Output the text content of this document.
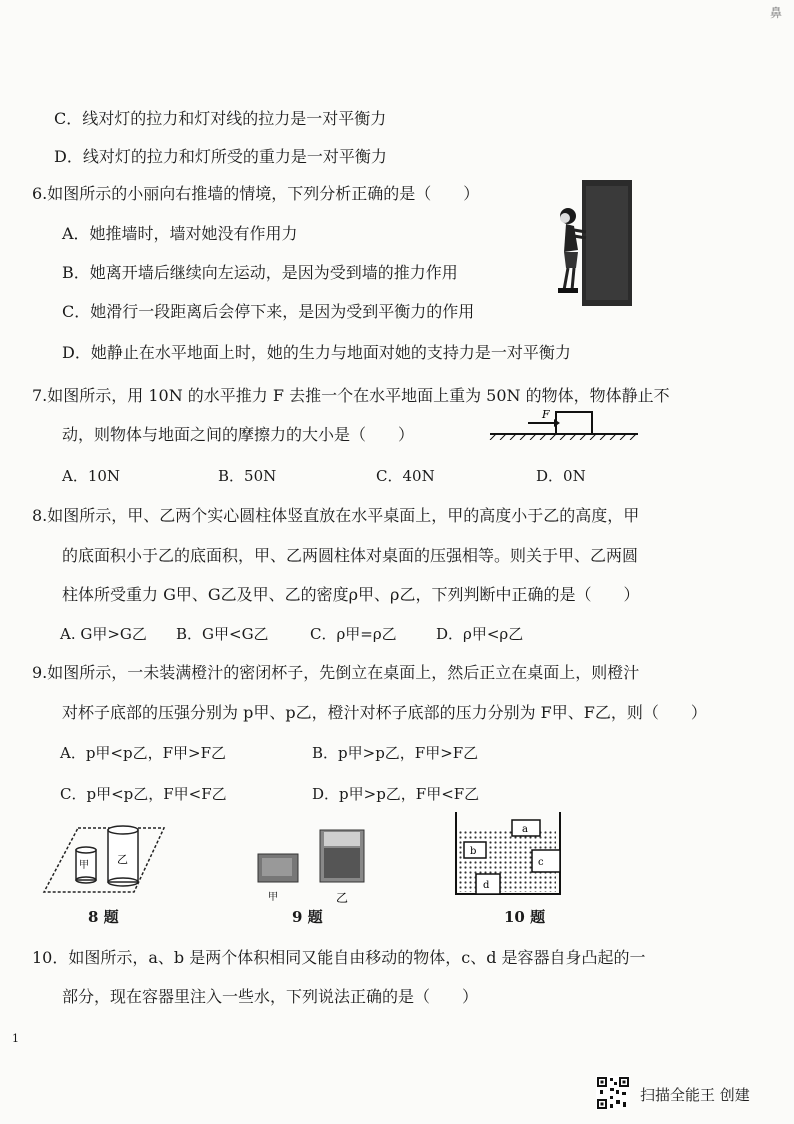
鼻
C．线对灯的拉力和灯对线的拉力是一对平衡力
D．线对灯的拉力和灯所受的重力是一对平衡力
6.如图所示的小丽向右推墙的情境，下列分析正确的是（　　）
A．她推墙时，墙对她没有作用力
B．她离开墙后继续向左运动，是因为受到墙的推力作用
C．她滑行一段距离后会停下来，是因为受到平衡力的作用
D．她静止在水平地面上时，她的生力与地面对她的支持力是一对平衡力
7.如图所示，用 10N 的水平推力 F 去推一个在水平地面上重为 50N 的物体，物体静止不
动，则物体与地面之间的摩擦力的大小是（　　）
F
A．10N	B．50N	C．40N	D．0N
8.如图所示，甲、乙两个实心圆柱体竖直放在水平桌面上，甲的高度小于乙的高度，甲
的底面积小于乙的底面积，甲、乙两圆柱体对桌面的压强相等。则关于甲、乙两圆
柱体所受重力 G甲、G乙及甲、乙的密度ρ甲、ρ乙，下列判断中正确的是（　　）
A. G甲>G乙 B．G甲<G乙	C．ρ甲=ρ乙	D．ρ甲<ρ乙
9.如图所示，一未装满橙汁的密闭杯子，先倒立在桌面上，然后正立在桌面上，则橙汁
对杯子底部的压强分别为 p甲、p乙，橙汁对杯子底部的压力分别为 F甲、F乙，则（　　）
A．p甲<p乙，F甲>F乙	B．p甲>p乙，F甲>F乙
C．p甲<p乙，F甲<F乙	D．p甲>p乙，F甲<F乙
甲	乙
8 题
甲	乙
9 题
a
b
c
d
10 题
10．如图所示，a、b 是两个体积相同又能自由移动的物体，c、d 是容器自身凸起的一
部分，现在容器里注入一些水，下列说法正确的是（　　）
1
扫描全能王 创建
